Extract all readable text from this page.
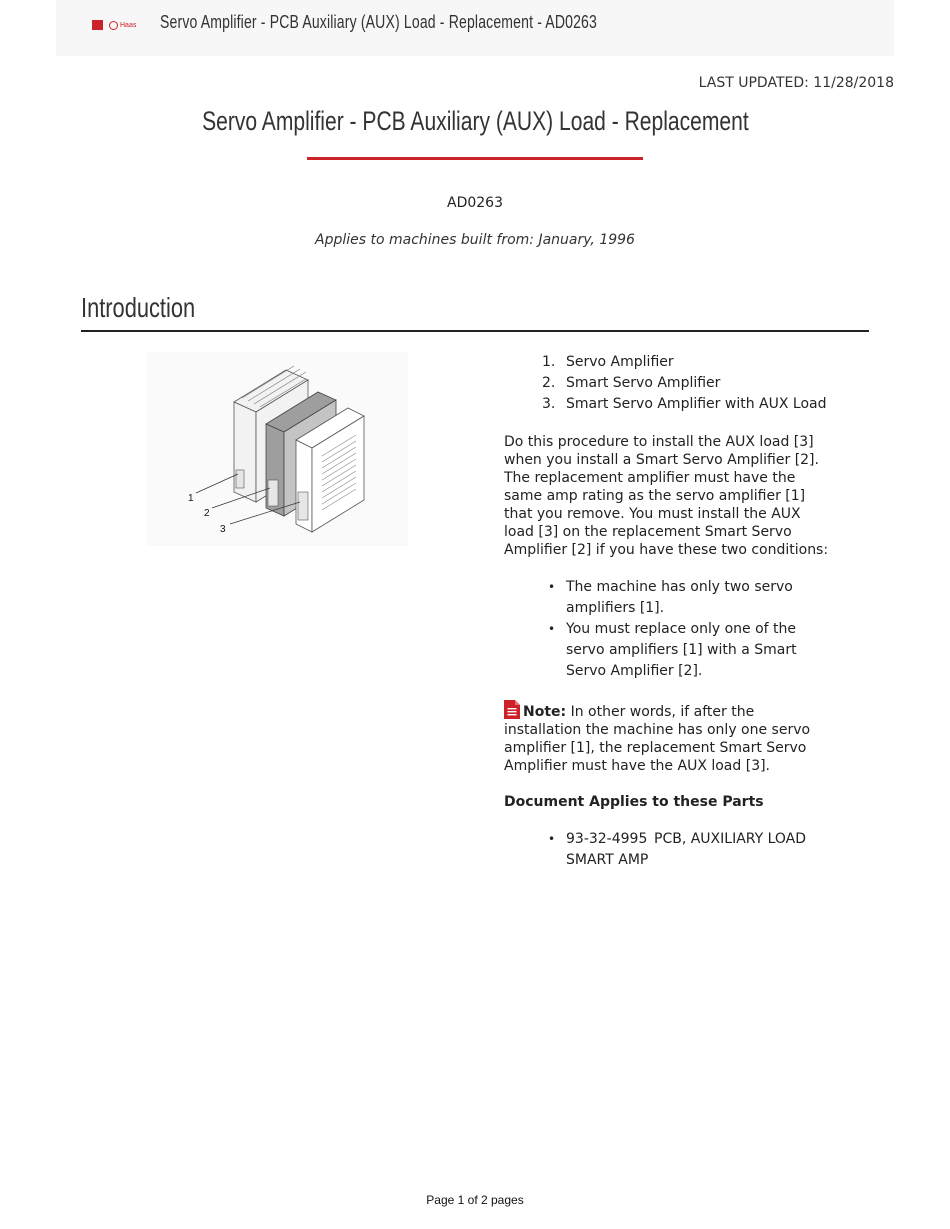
Haas Servo Amplifier - PCB Auxiliary (AUX) Load - Replacement - AD0263
LAST UPDATED: 11/28/2018
Servo Amplifier - PCB Auxiliary (AUX) Load - Replacement
AD0263
Applies to machines built from: January, 1996
Introduction
1
2
3
1. Servo Amplifier
2. Smart Servo Amplifier
3. Smart Servo Amplifier with AUX Load

Do this procedure to install the AUX load [3] when you install a Smart Servo Amplifier [2]. The replacement amplifier must have the same amp rating as the servo amplifier [1] that you remove. You must install the AUX load [3] on the replacement Smart Servo Amplifier [2] if you have these two conditions:

• The machine has only two servo amplifiers [1].
• You must replace only one of the servo amplifiers [1] with a Smart Servo Amplifier [2].
Note: In other words, if after the installation the machine has only one servo amplifier [1], the replacement Smart Servo Amplifier must have the AUX load [3].
Document Applies to these Parts
• 93-32-4995 PCB, AUXILIARY LOAD SMART AMP
Page 1 of 2 pages
